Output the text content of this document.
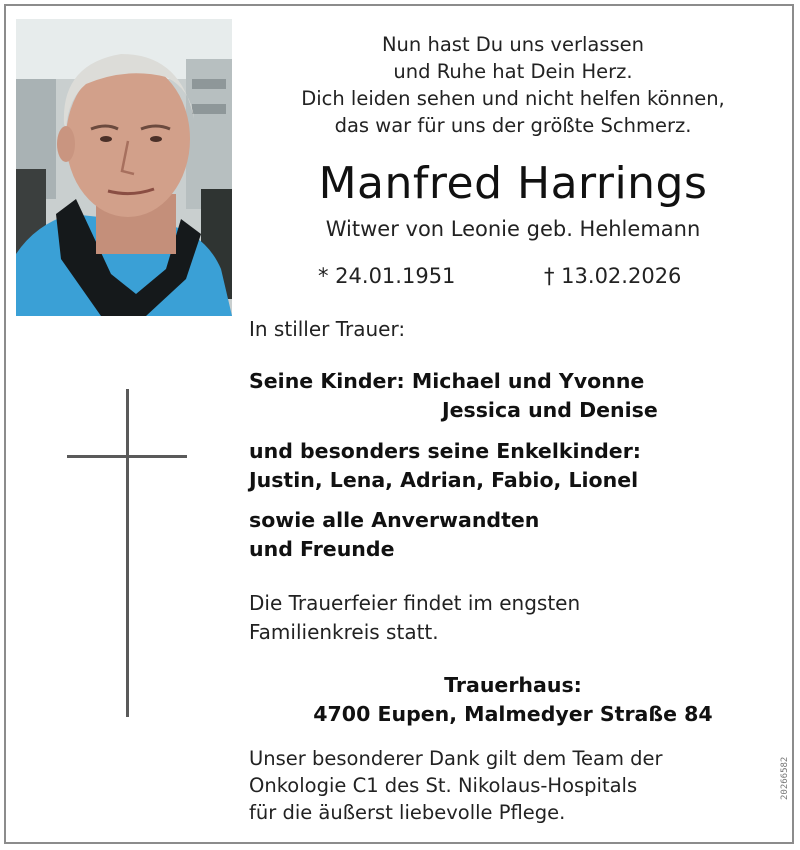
Nun hast Du uns verlassen
und Ruhe hat Dein Herz.
Dich leiden sehen und nicht helfen können,
das war für uns der größte Schmerz.
Manfred Harrings
Witwer von Leonie geb. Hehlemann
* 24.01.1951	† 13.02.2026
In stiller Trauer:
Seine Kinder: Michael und Yvonne
Jessica und Denise
und besonders seine Enkelkinder:
Justin, Lena, Adrian, Fabio, Lionel
sowie alle Anverwandten
und Freunde
Die Trauerfeier findet im engsten
Familienkreis statt.
Trauerhaus:
4700 Eupen, Malmedyer Straße 84
Unser besonderer Dank gilt dem Team der
Onkologie C1 des St. Nikolaus-Hospitals
für die äußerst liebevolle Pflege.
20266582
